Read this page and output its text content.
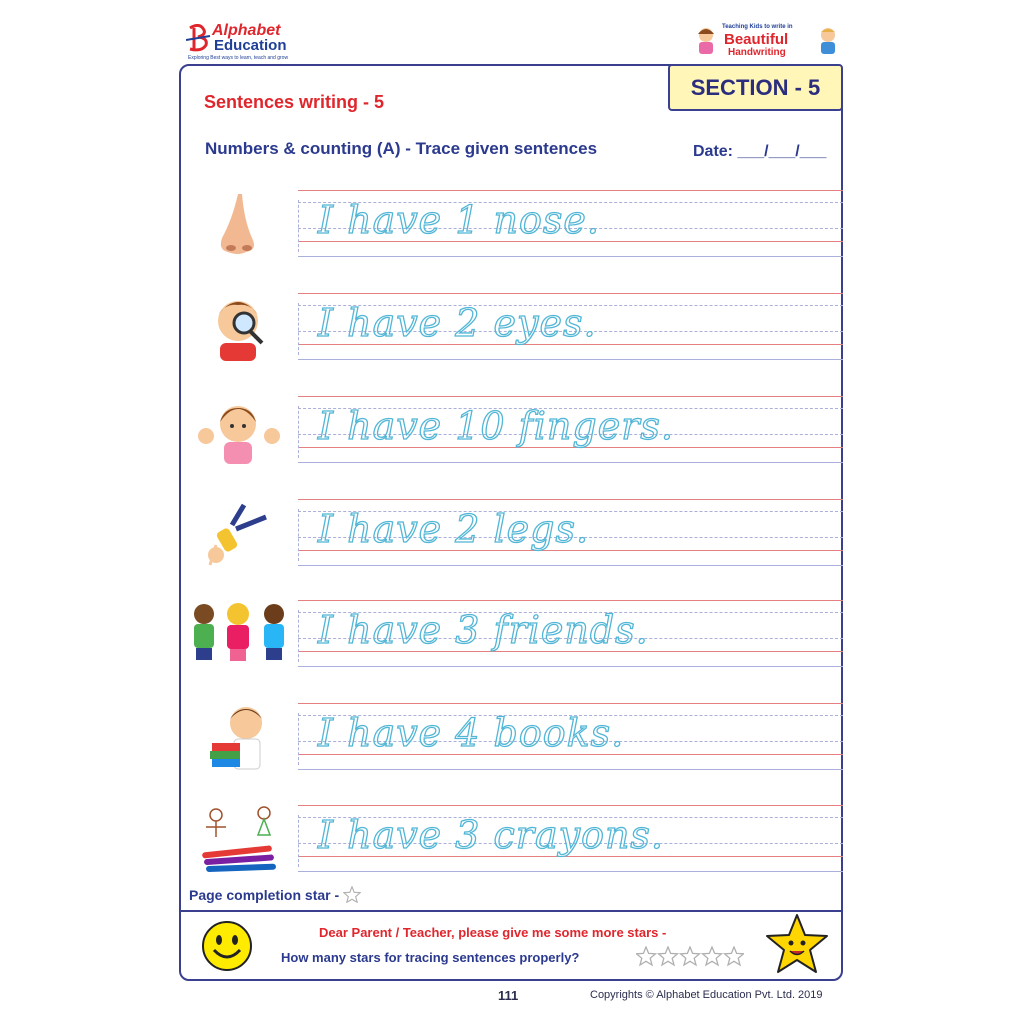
Alphabet
Education
Exploring Best ways to learn, teach and grow
Teaching Kids to write in
Beautiful
Handwriting
SECTION - 5
Sentences writing - 5
Numbers & counting (A) - Trace given sentences	Date: ___/___/___
I have 1 nose.
I have 2 eyes.
I have 10 fingers.
I have 2 legs.
I have 3 friends.
I have 4 books.
I have 3 crayons.
Page completion star -
Dear Parent / Teacher, please give me some more stars -
How many stars for tracing sentences properly?
111	Copyrights © Alphabet Education Pvt. Ltd. 2019
